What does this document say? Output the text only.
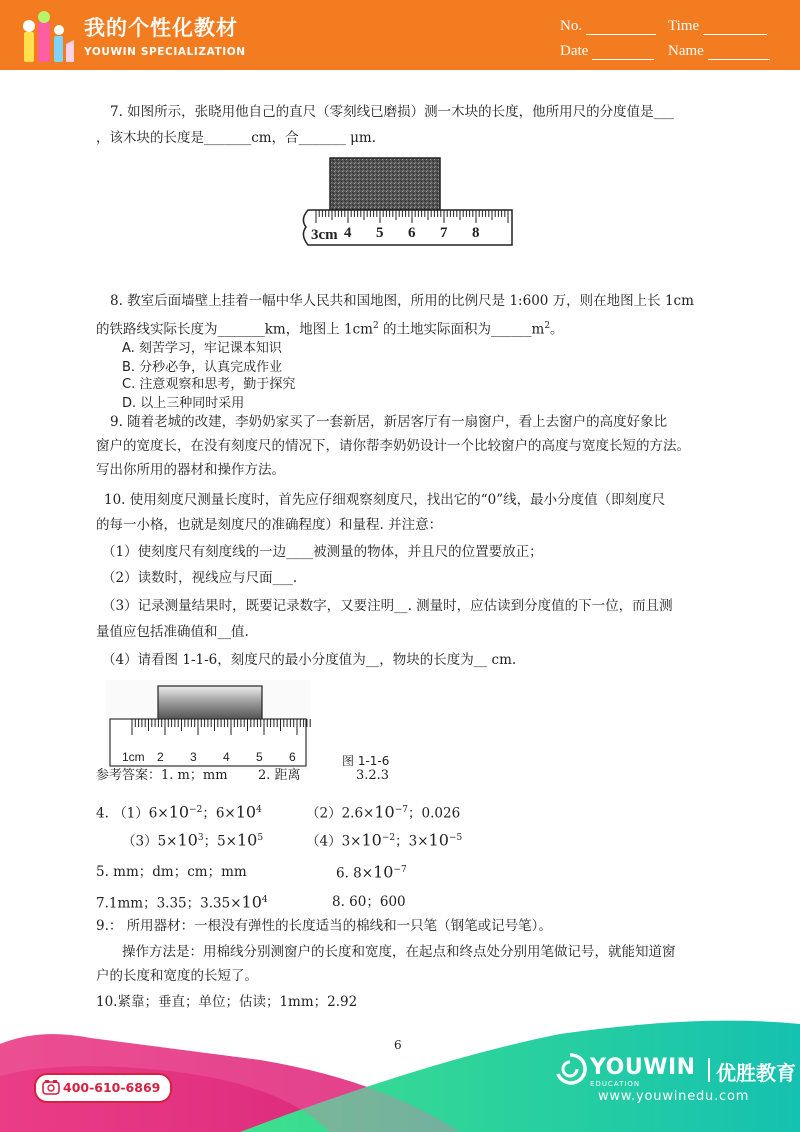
我的个性化教材
YOUWIN SPECIALIZATION
No.	Time
Date	Name
7. 如图所示，张晓用他自己的直尺（零刻线已磨损）测一木块的长度，他所用尺的分度值是___
，该木块的长度是_______cm，合_______ μm.
3cm 4 5 6 7 8
8. 教室后面墙壁上挂着一幅中华人民共和国地图，所用的比例尺是 1:600 万，则在地图上长 1cm
的铁路线实际长度为_______km，地图上 $1cm^2$ 的土地实际面积为$\_\_\_\_\_\_m^2$。
A. 刻苦学习，牢记课本知识
B. 分秒必争，认真完成作业
C. 注意观察和思考，勤于探究
D. 以上三种同时采用
9. 随着老城的改建，李奶奶家买了一套新居，新居客厅有一扇窗户，看上去窗户的高度好象比
窗户的宽度长，在没有刻度尺的情况下，请你帮李奶奶设计一个比较窗户的高度与宽度长短的方法。
写出你所用的器材和操作方法。
10. 使用刻度尺测量长度时，首先应仔细观察刻度尺，找出它的“0”线，最小分度值（即刻度尺
的每一小格，也就是刻度尺的准确程度）和量程. 并注意：
（1）使刻度尺有刻度线的一边____被测量的物体，并且尺的位置要放正；
（2）读数时，视线应与尺面___.
（3）记录测量结果时，既要记录数字，又要注明__. 测量时，应估读到分度值的下一位，而且测
量值应包括准确值和__值.
（4）请看图 1-1-6，刻度尺的最小分度值为__，物块的长度为__ cm.
1cm 2 3 4 5 6	图 1-1-6
参考答案：1. m；mm 2. 距离	3.2.3
4. $(1)6\times 10^{-2}$；$6\times 10^4$	$(2)2.6\times 10^{-7}$；0.026
$(3)5\times 10^3$；$5\times 10^5$	$(4)3\times 10^{-2}$；$3\times 10^{-5}$
5. mm；dm；cm；mm	6. $8\times 10^{-7}$
7.1mm；3.35；$3.35\times 10^4$	8. 60；600
9.： 所用器材：一根没有弹性的长度适当的棉线和一只笔（钢笔或记号笔）。
操作方法是：用棉线分别测窗户的长度和宽度，在起点和终点处分别用笔做记号，就能知道窗
户的长度和宽度的长短了。
10.紧靠；垂直；单位；估读；1mm；2.92
6
400-610-6869
YOUWIN
EDUCATION	优胜教育
www.youwinedu.com
